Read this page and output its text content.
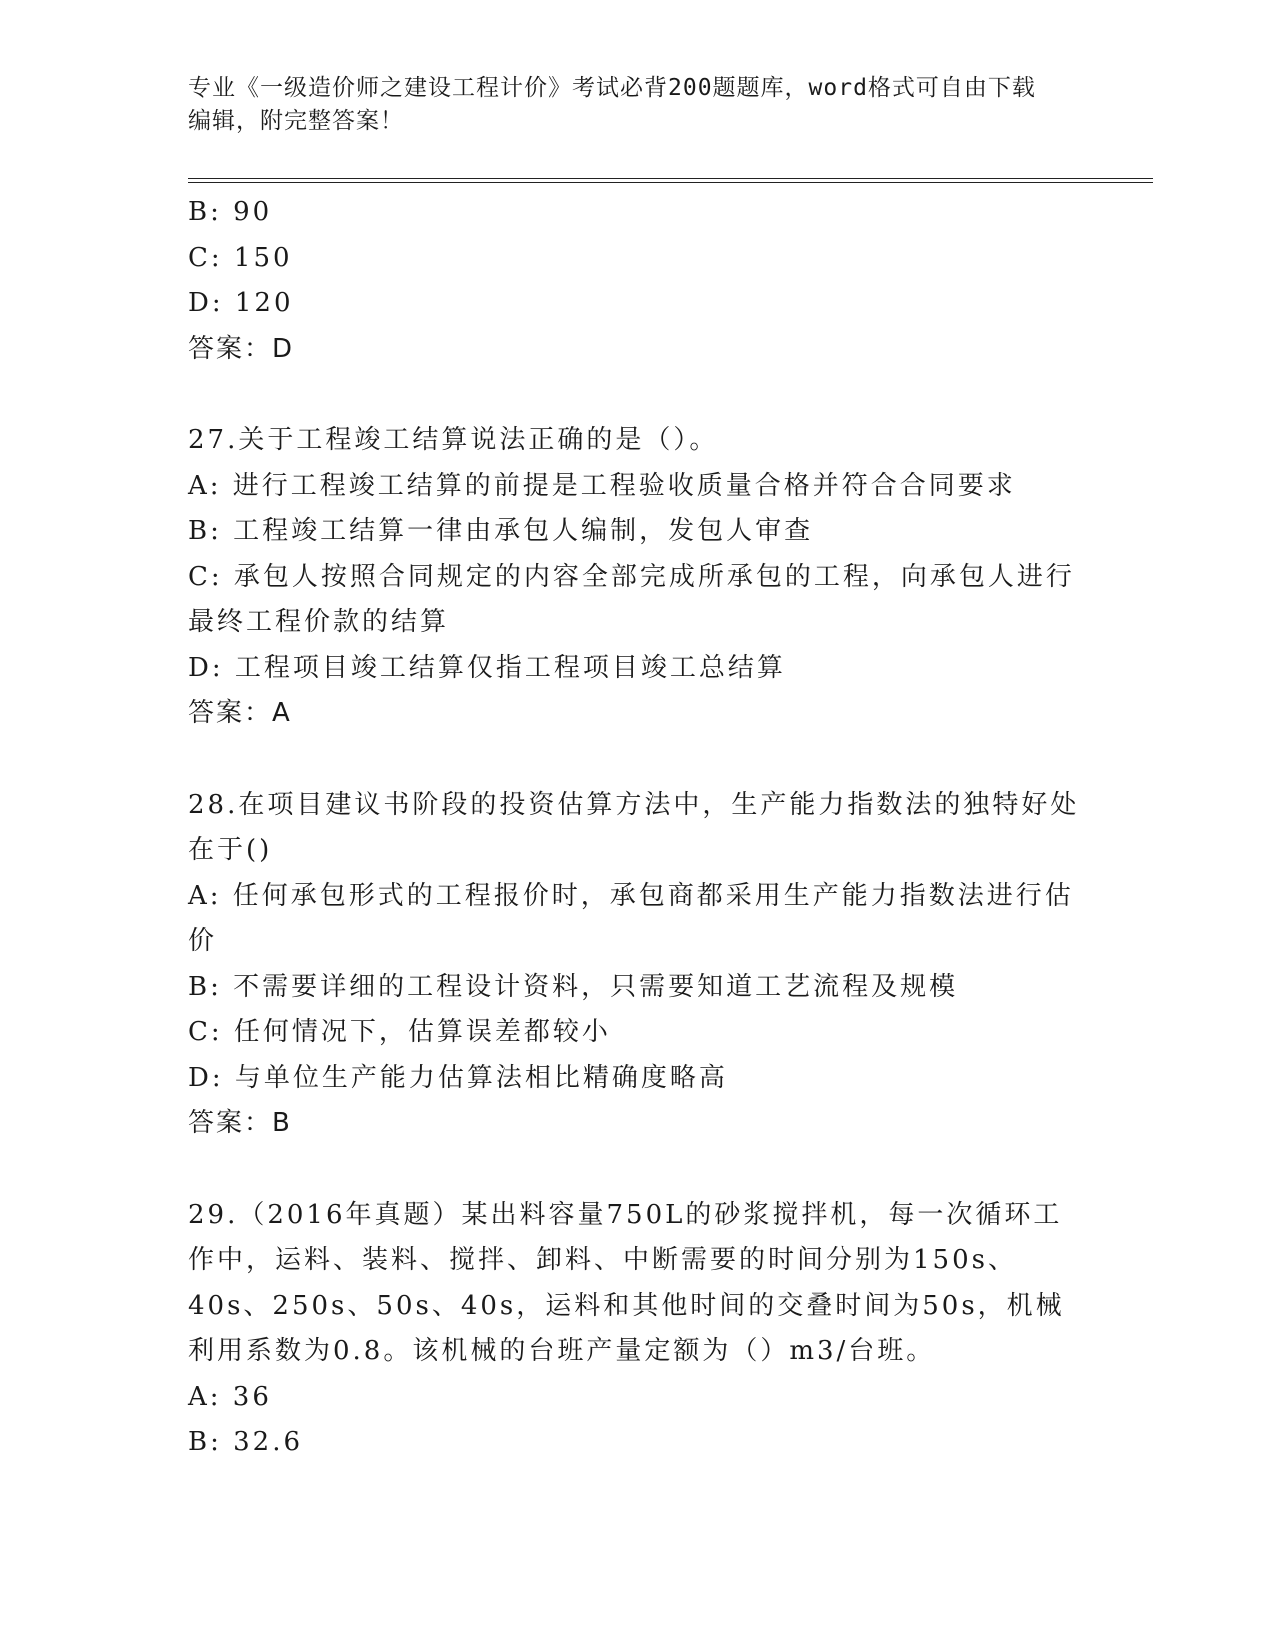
专业《一级造价师之建设工程计价》考试必背200题题库，word格式可自由下载
编辑，附完整答案！
B: 90
C: 150
D: 120
答案：D
27.关于工程竣工结算说法正确的是（）。
A: 进行工程竣工结算的前提是工程验收质量合格并符合合同要求
B: 工程竣工结算一律由承包人编制，发包人审查
C: 承包人按照合同规定的内容全部完成所承包的工程，向承包人进行最终工程价款的结算
D: 工程项目竣工结算仅指工程项目竣工总结算
答案：A
28.在项目建议书阶段的投资估算方法中，生产能力指数法的独特好处在于()
A: 任何承包形式的工程报价时，承包商都采用生产能力指数法进行估价
B: 不需要详细的工程设计资料，只需要知道工艺流程及规模
C: 任何情况下，估算误差都较小
D: 与单位生产能力估算法相比精确度略高
答案：B
29.（2016年真题）某出料容量750L的砂浆搅拌机，每一次循环工作中，运料、装料、搅拌、卸料、中断需要的时间分别为150s、40s、250s、50s、40s，运料和其他时间的交叠时间为50s，机械利用系数为0.8。该机械的台班产量定额为（）m3/台班。
A: 36
B: 32.6
